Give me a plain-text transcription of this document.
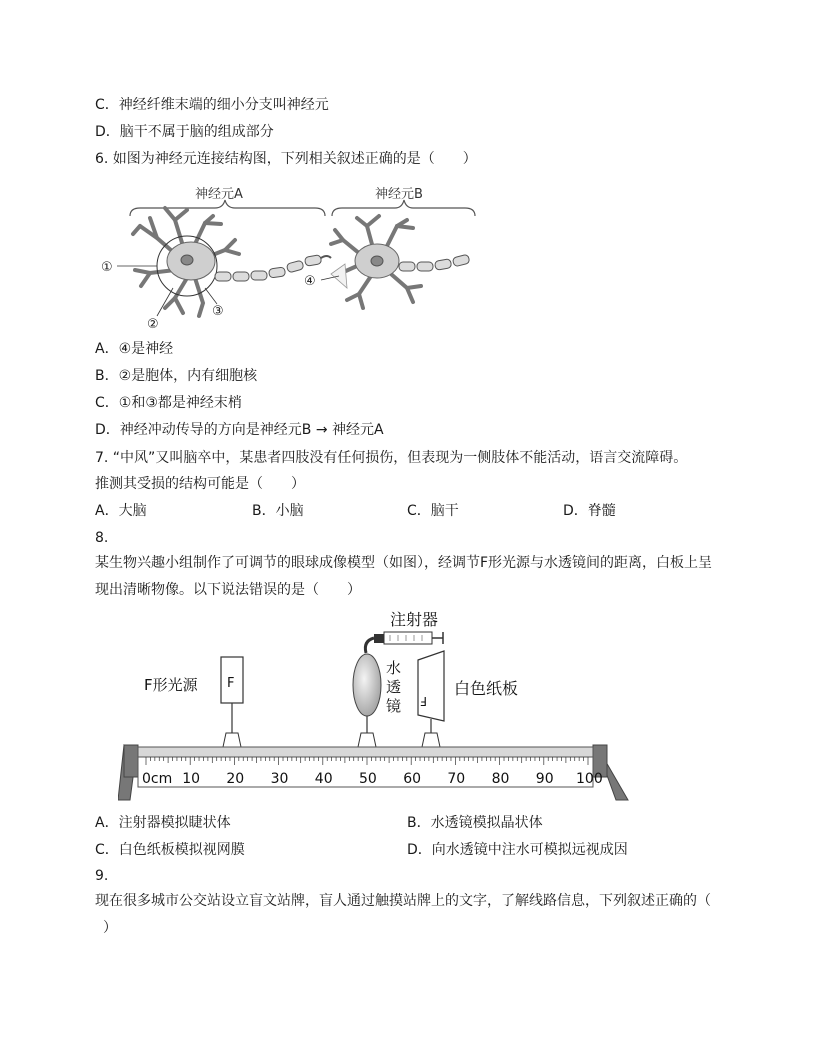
C．神经纤维末端的细小分支叫神经元
D．脑干不属于脑的组成部分
6. 如图为神经元连接结构图，下列相关叙述正确的是（　　）
神经元A	神经元B
①
②
③
④
A．④是神经
B．②是胞体，内有细胞核
C．①和③都是神经末梢
D．神经冲动传导的方向是神经元B → 神经元A
7. “中风”又叫脑卒中，某患者四肢没有任何损伤，但表现为一侧肢体不能活动，语言交流障碍。
推测其受损的结构可能是（　　）
A．大脑	B．小脑	C．脑干	D．脊髓
8.
某生物兴趣小组制作了可调节的眼球成像模型（如图），经调节F形光源与水透镜间的距离，白板上呈
现出清晰物像。以下说法错误的是（　　）
注射器
F形光源 F
水
透
镜 F
白色纸板
0cm 10 20 30 40 50 60 70 80 90 100
A．注射器模拟睫状体	B．水透镜模拟晶状体
C．白色纸板模拟视网膜	D．向水透镜中注水可模拟远视成因
9.
现在很多城市公交站设立盲文站牌，盲人通过触摸站牌上的文字，了解线路信息，下列叙述正确的（
）
